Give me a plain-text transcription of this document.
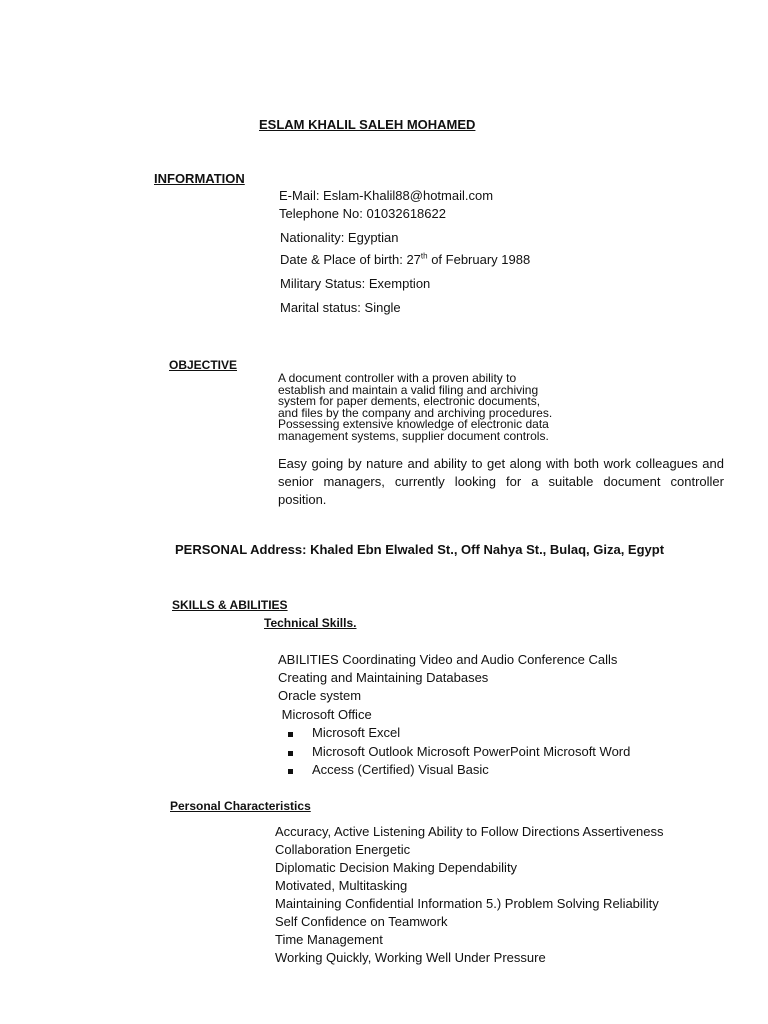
ESLAM KHALIL SALEH MOHAMED
INFORMATION
E-Mail: Eslam-Khalil88@hotmail.com
Telephone No: 01032618622
Nationality: Egyptian
Date & Place of birth: 27th of February 1988
Military Status: Exemption
Marital status: Single
OBJECTIVE
A document controller with a proven ability to
establish and maintain a valid filing and archiving
system for paper dements, electronic documents,
and files by the company and archiving procedures.
Possessing extensive knowledge of electronic data
management systems, supplier document controls.
Easy going by nature and ability to get along with both work colleagues and senior managers, currently looking for a suitable document controller position.
PERSONAL Address: Khaled Ebn Elwaled St., Off Nahya St., Bulaq, Giza, Egypt
SKILLS & ABILITIES
Technical Skills.
ABILITIES Coordinating Video and Audio Conference Calls
Creating and Maintaining Databases
Oracle system
Microsoft Office
Microsoft Excel
Microsoft Outlook Microsoft PowerPoint Microsoft Word
Access (Certified) Visual Basic
Personal Characteristics
Accuracy, Active Listening Ability to Follow Directions Assertiveness
Collaboration Energetic
Diplomatic Decision Making Dependability
Motivated, Multitasking
Maintaining Confidential Information 5.) Problem Solving Reliability
Self Confidence on Teamwork
Time Management
Working Quickly, Working Well Under Pressure
